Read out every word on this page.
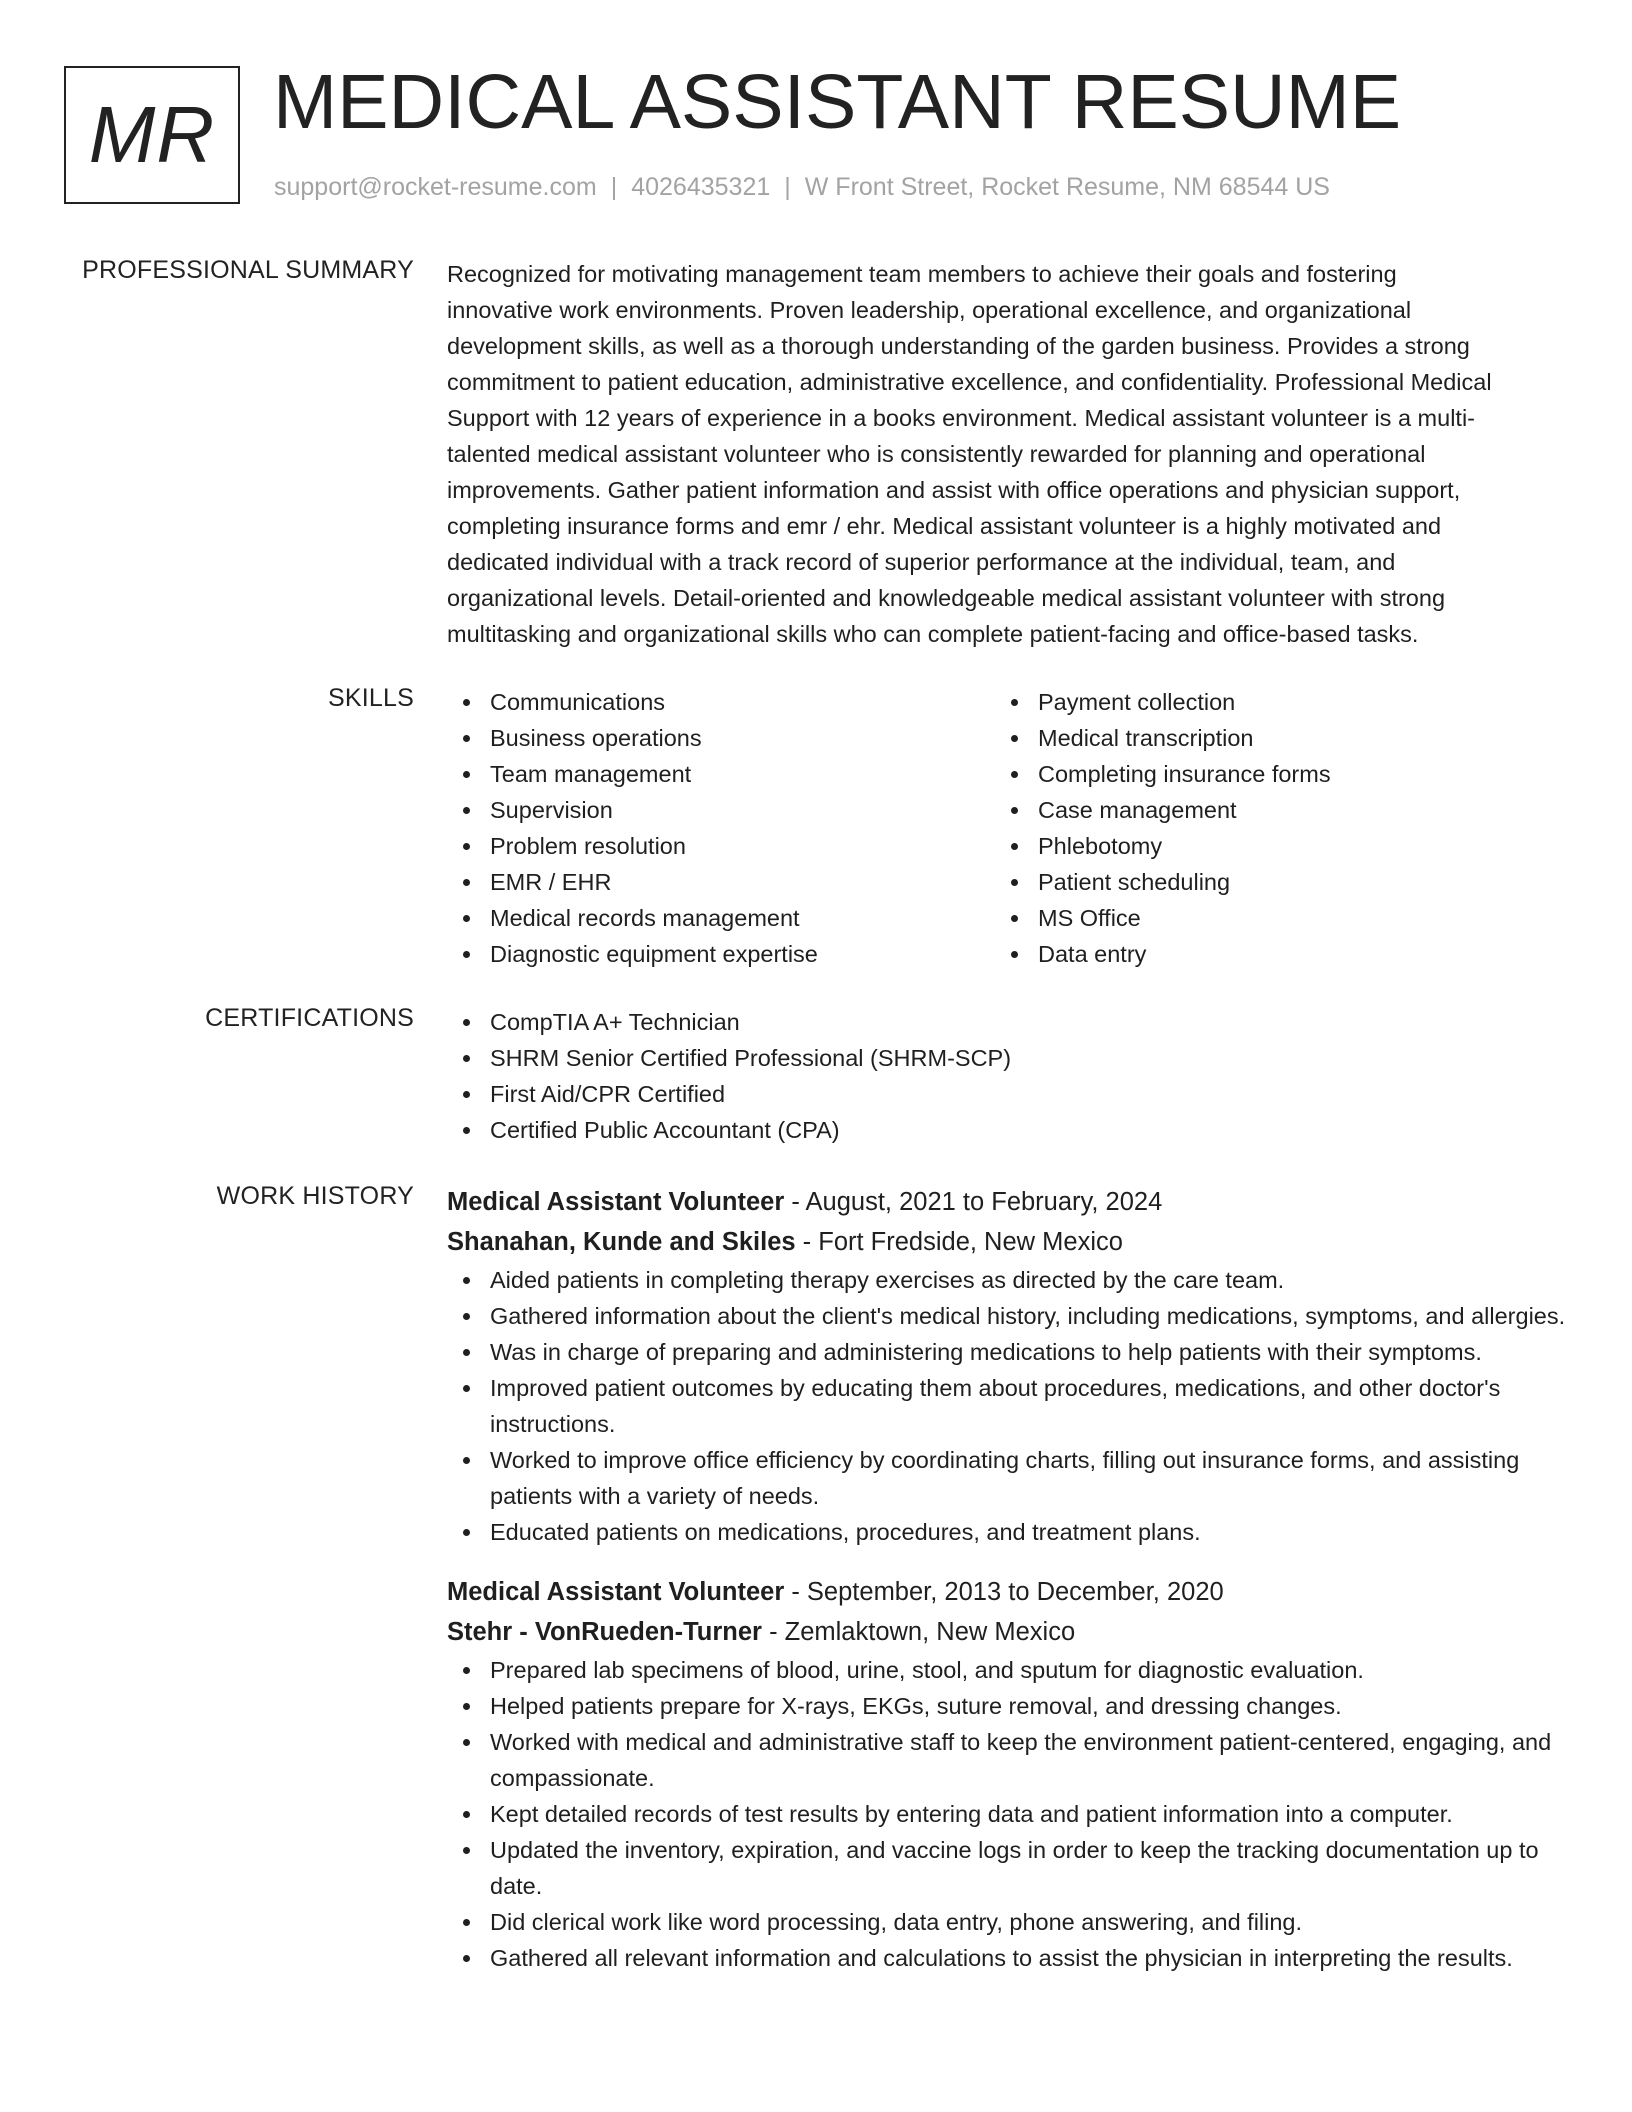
MR MEDICAL ASSISTANT RESUME
support@rocket-resume.com | 4026435321 | W Front Street, Rocket Resume, NM 68544 US
PROFESSIONAL SUMMARY Recognized for motivating management team members to achieve their goals and fostering
innovative work environments. Proven leadership, operational excellence, and organizational
development skills, as well as a thorough understanding of the garden business. Provides a strong
commitment to patient education, administrative excellence, and confidentiality. Professional Medical
Support with 12 years of experience in a books environment. Medical assistant volunteer is a multi-
talented medical assistant volunteer who is consistently rewarded for planning and operational
improvements. Gather patient information and assist with office operations and physician support,
completing insurance forms and emr / ehr. Medical assistant volunteer is a highly motivated and
dedicated individual with a track record of superior performance at the individual, team, and
organizational levels. Detail-oriented and knowledgeable medical assistant volunteer with strong
multitasking and organizational skills who can complete patient-facing and office-based tasks.
SKILLS	Communications
Business operations
Team management
Supervision
Problem resolution
EMR / EHR
Medical records management
Diagnostic equipment expertise
Payment collection
Medical transcription
Completing insurance forms
Case management
Phlebotomy
Patient scheduling
MS Office
Data entry
CERTIFICATIONS	CompTIA A+ Technician
SHRM Senior Certified Professional (SHRM-SCP)
First Aid/CPR Certified
Certified Public Accountant (CPA)
WORK HISTORY Medical Assistant Volunteer - August, 2021 to February, 2024
Shanahan, Kunde and Skiles - Fort Fredside, New Mexico
Aided patients in completing therapy exercises as directed by the care team.
Gathered information about the client's medical history, including medications, symptoms, and allergies.
Was in charge of preparing and administering medications to help patients with their symptoms.
Improved patient outcomes by educating them about procedures, medications, and other doctor's instructions.
Worked to improve office efficiency by coordinating charts, filling out insurance forms, and assisting patients with a variety of needs.
Educated patients on medications, procedures, and treatment plans.
Medical Assistant Volunteer - September, 2013 to December, 2020
Stehr - VonRueden-Turner - Zemlaktown, New Mexico
Prepared lab specimens of blood, urine, stool, and sputum for diagnostic evaluation.
Helped patients prepare for X-rays, EKGs, suture removal, and dressing changes.
Worked with medical and administrative staff to keep the environment patient-centered, engaging, and compassionate.
Kept detailed records of test results by entering data and patient information into a computer.
Updated the inventory, expiration, and vaccine logs in order to keep the tracking documentation up to date.
Did clerical work like word processing, data entry, phone answering, and filing.
Gathered all relevant information and calculations to assist the physician in interpreting the results.
